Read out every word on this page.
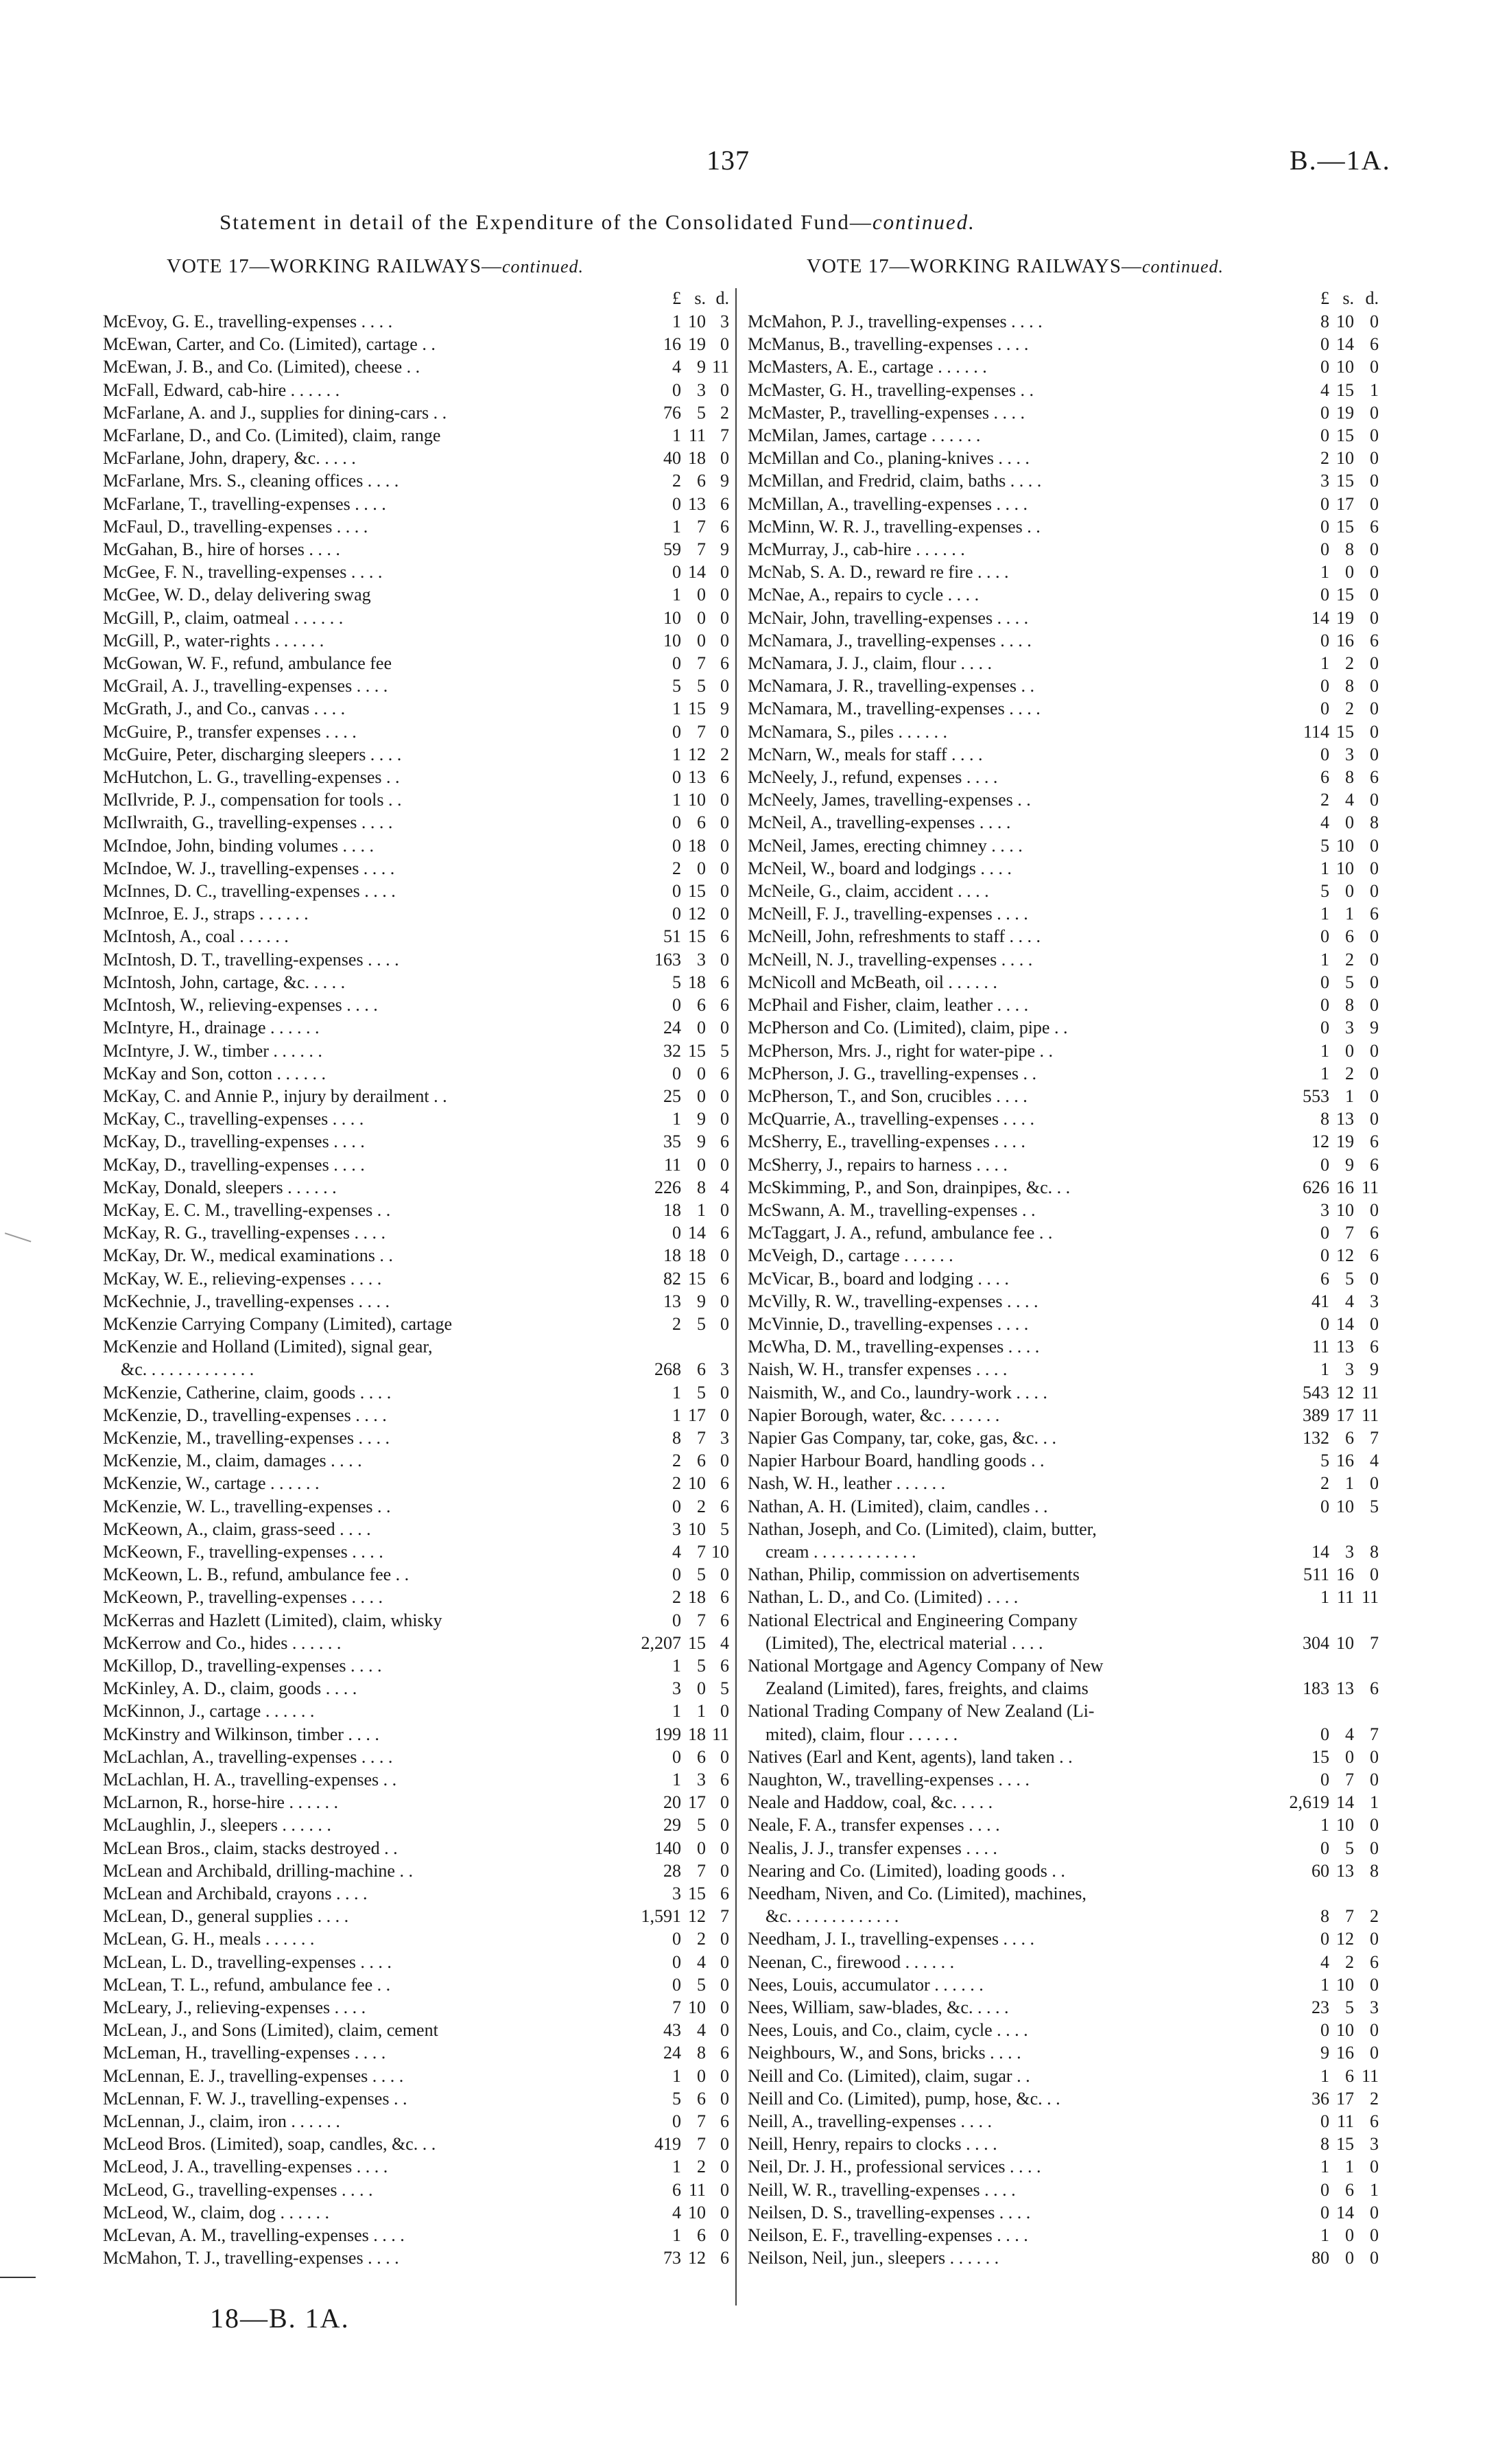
137	B.—1A.
Statement in detail of the Expenditure of the Consolidated Fund—continued.
VOTE 17—WORKING RAILWAYS—continued.	VOTE 17—WORKING RAILWAYS—continued.
£ s. d.
McEvoy, G. E., travelling-expenses . . . .	1 10 3
McEwan, Carter, and Co. (Limited), cartage . .	16 19 0
McEwan, J. B., and Co. (Limited), cheese . .	4 9 11
McFall, Edward, cab-hire . . . . . .	0 3 0
McFarlane, A. and J., supplies for dining-cars . .	76 5 2
McFarlane, D., and Co. (Limited), claim, range	1 11 7
McFarlane, John, drapery, &c. . . . .	40 18 0
McFarlane, Mrs. S., cleaning offices . . . .	2 6 9
McFarlane, T., travelling-expenses . . . .	0 13 6
McFaul, D., travelling-expenses . . . .	1 7 6
McGahan, B., hire of horses . . . .	59 7 9
McGee, F. N., travelling-expenses . . . .	0 14 0
McGee, W. D., delay delivering swag	1 0 0
McGill, P., claim, oatmeal . . . . . .	10 0 0
McGill, P., water-rights . . . . . .	10 0 0
McGowan, W. F., refund, ambulance fee	0 7 6
McGrail, A. J., travelling-expenses . . . .	5 5 0
McGrath, J., and Co., canvas . . . .	1 15 9
McGuire, P., transfer expenses . . . .	0 7 0
McGuire, Peter, discharging sleepers . . . .	1 12 2
McHutchon, L. G., travelling-expenses . .	0 13 6
McIlvride, P. J., compensation for tools . .	1 10 0
McIlwraith, G., travelling-expenses . . . .	0 6 0
McIndoe, John, binding volumes . . . .	0 18 0
McIndoe, W. J., travelling-expenses . . . .	2 0 0
McInnes, D. C., travelling-expenses . . . .	0 15 0
McInroe, E. J., straps . . . . . .	0 12 0
McIntosh, A., coal . . . . . .	51 15 6
McIntosh, D. T., travelling-expenses . . . .	163 3 0
McIntosh, John, cartage, &c. . . . .	5 18 6
McIntosh, W., relieving-expenses . . . .	0 6 6
McIntyre, H., drainage . . . . . .	24 0 0
McIntyre, J. W., timber . . . . . .	32 15 5
McKay and Son, cotton . . . . . .	0 0 6
McKay, C. and Annie P., injury by derailment . .	25 0 0
McKay, C., travelling-expenses . . . .	1 9 0
McKay, D., travelling-expenses . . . .	35 9 6
McKay, D., travelling-expenses . . . .	11 0 0
McKay, Donald, sleepers . . . . . .	226 8 4
McKay, E. C. M., travelling-expenses . .	18 1 0
McKay, R. G., travelling-expenses . . . .	0 14 6
McKay, Dr. W., medical examinations . .	18 18 0
McKay, W. E., relieving-expenses . . . .	82 15 6
McKechnie, J., travelling-expenses . . . .	13 9 0
McKenzie Carrying Company (Limited), cartage	2 5 0
McKenzie and Holland (Limited), signal gear,
&c. . . . . . . . . . . . .	268 6 3
McKenzie, Catherine, claim, goods . . . .	1 5 0
McKenzie, D., travelling-expenses . . . .	1 17 0
McKenzie, M., travelling-expenses . . . .	8 7 3
McKenzie, M., claim, damages . . . .	2 6 0
McKenzie, W., cartage . . . . . .	2 10 6
McKenzie, W. L., travelling-expenses . .	0 2 6
McKeown, A., claim, grass-seed . . . .	3 10 5
McKeown, F., travelling-expenses . . . .	4 7 10
McKeown, L. B., refund, ambulance fee . .	0 5 0
McKeown, P., travelling-expenses . . . .	2 18 6
McKerras and Hazlett (Limited), claim, whisky	0 7 6
McKerrow and Co., hides . . . . . .	2,207 15 4
McKillop, D., travelling-expenses . . . .	1 5 6
McKinley, A. D., claim, goods . . . .	3 0 5
McKinnon, J., cartage . . . . . .	1 1 0
McKinstry and Wilkinson, timber . . . .	199 18 11
McLachlan, A., travelling-expenses . . . .	0 6 0
McLachlan, H. A., travelling-expenses . .	1 3 6
McLarnon, R., horse-hire . . . . . .	20 17 0
McLaughlin, J., sleepers . . . . . .	29 5 0
McLean Bros., claim, stacks destroyed . .	140 0 0
McLean and Archibald, drilling-machine . .	28 7 0
McLean and Archibald, crayons . . . .	3 15 6
McLean, D., general supplies . . . .	1,591 12 7
McLean, G. H., meals . . . . . .	0 2 0
McLean, L. D., travelling-expenses . . . .	0 4 0
McLean, T. L., refund, ambulance fee . .	0 5 0
McLeary, J., relieving-expenses . . . .	7 10 0
McLean, J., and Sons (Limited), claim, cement	43 4 0
McLeman, H., travelling-expenses . . . .	24 8 6
McLennan, E. J., travelling-expenses . . . .	1 0 0
McLennan, F. W. J., travelling-expenses . .	5 6 0
McLennan, J., claim, iron . . . . . .	0 7 6
McLeod Bros. (Limited), soap, candles, &c. . .	419 7 0
McLeod, J. A., travelling-expenses . . . .	1 2 0
McLeod, G., travelling-expenses . . . .	6 11 0
McLeod, W., claim, dog . . . . . .	4 10 0
McLevan, A. M., travelling-expenses . . . .	1 6 0
McMahon, T. J., travelling-expenses . . . .	73 12 6
£ s. d.
McMahon, P. J., travelling-expenses . . . .	8 10 0
McManus, B., travelling-expenses . . . .	0 14 6
McMasters, A. E., cartage . . . . . .	0 10 0
McMaster, G. H., travelling-expenses . .	4 15 1
McMaster, P., travelling-expenses . . . .	0 19 0
McMilan, James, cartage . . . . . .	0 15 0
McMillan and Co., planing-knives . . . .	2 10 0
McMillan, and Fredrid, claim, baths . . . .	3 15 0
McMillan, A., travelling-expenses . . . .	0 17 0
McMinn, W. R. J., travelling-expenses . .	0 15 6
McMurray, J., cab-hire . . . . . .	0 8 0
McNab, S. A. D., reward re fire . . . .	1 0 0
McNae, A., repairs to cycle . . . .	0 15 0
McNair, John, travelling-expenses . . . .	14 19 0
McNamara, J., travelling-expenses . . . .	0 16 6
McNamara, J. J., claim, flour . . . .	1 2 0
McNamara, J. R., travelling-expenses . .	0 8 0
McNamara, M., travelling-expenses . . . .	0 2 0
McNamara, S., piles . . . . . .	114 15 0
McNarn, W., meals for staff . . . .	0 3 0
McNeely, J., refund, expenses . . . .	6 8 6
McNeely, James, travelling-expenses . .	2 4 0
McNeil, A., travelling-expenses . . . .	4 0 8
McNeil, James, erecting chimney . . . .	5 10 0
McNeil, W., board and lodgings . . . .	1 10 0
McNeile, G., claim, accident . . . .	5 0 0
McNeill, F. J., travelling-expenses . . . .	1 1 6
McNeill, John, refreshments to staff . . . .	0 6 0
McNeill, N. J., travelling-expenses . . . .	1 2 0
McNicoll and McBeath, oil . . . . . .	0 5 0
McPhail and Fisher, claim, leather . . . .	0 8 0
McPherson and Co. (Limited), claim, pipe . .	0 3 9
McPherson, Mrs. J., right for water-pipe . .	1 0 0
McPherson, J. G., travelling-expenses . .	1 2 0
McPherson, T., and Son, crucibles . . . .	553 1 0
McQuarrie, A., travelling-expenses . . . .	8 13 0
McSherry, E., travelling-expenses . . . .	12 19 6
McSherry, J., repairs to harness . . . .	0 9 6
McSkimming, P., and Son, drainpipes, &c. . .	626 16 11
McSwann, A. M., travelling-expenses . .	3 10 0
McTaggart, J. A., refund, ambulance fee . .	0 7 6
McVeigh, D., cartage . . . . . .	0 12 6
McVicar, B., board and lodging . . . .	6 5 0
McVilly, R. W., travelling-expenses . . . .	41 4 3
McVinnie, D., travelling-expenses . . . .	0 14 0
McWha, D. M., travelling-expenses . . . .	11 13 6
Naish, W. H., transfer expenses . . . .	1 3 9
Naismith, W., and Co., laundry-work . . . .	543 12 11
Napier Borough, water, &c. . . . . . .	389 17 11
Napier Gas Company, tar, coke, gas, &c. . .	132 6 7
Napier Harbour Board, handling goods . .	5 16 4
Nash, W. H., leather . . . . . .	2 1 0
Nathan, A. H. (Limited), claim, candles . .	0 10 5
Nathan, Joseph, and Co. (Limited), claim, butter,
cream . . . . . . . . . . . .	14 3 8
Nathan, Philip, commission on advertisements	511 16 0
Nathan, L. D., and Co. (Limited) . . . .	1 11 11
National Electrical and Engineering Company
(Limited), The, electrical material . . . .	304 10 7
National Mortgage and Agency Company of New
Zealand (Limited), fares, freights, and claims	183 13 6
National Trading Company of New Zealand (Li-
mited), claim, flour . . . . . .	0 4 7
Natives (Earl and Kent, agents), land taken . .	15 0 0
Naughton, W., travelling-expenses . . . .	0 7 0
Neale and Haddow, coal, &c. . . . .	2,619 14 1
Neale, F. A., transfer expenses . . . .	1 10 0
Nealis, J. J., transfer expenses . . . .	0 5 0
Nearing and Co. (Limited), loading goods . .	60 13 8
Needham, Niven, and Co. (Limited), machines,
&c. . . . . . . . . . . . .	8 7 2
Needham, J. I., travelling-expenses . . . .	0 12 0
Neenan, C., firewood . . . . . .	4 2 6
Nees, Louis, accumulator . . . . . .	1 10 0
Nees, William, saw-blades, &c. . . . .	23 5 3
Nees, Louis, and Co., claim, cycle . . . .	0 10 0
Neighbours, W., and Sons, bricks . . . .	9 16 0
Neill and Co. (Limited), claim, sugar . .	1 6 11
Neill and Co. (Limited), pump, hose, &c. . .	36 17 2
Neill, A., travelling-expenses . . . .	0 11 6
Neill, Henry, repairs to clocks . . . .	8 15 3
Neil, Dr. J. H., professional services . . . .	1 1 0
Neill, W. R., travelling-expenses . . . .	0 6 1
Neilsen, D. S., travelling-expenses . . . .	0 14 0
Neilson, E. F., travelling-expenses . . . .	1 0 0
Neilson, Neil, jun., sleepers . . . . . .	80 0 0
18—B. 1A.
